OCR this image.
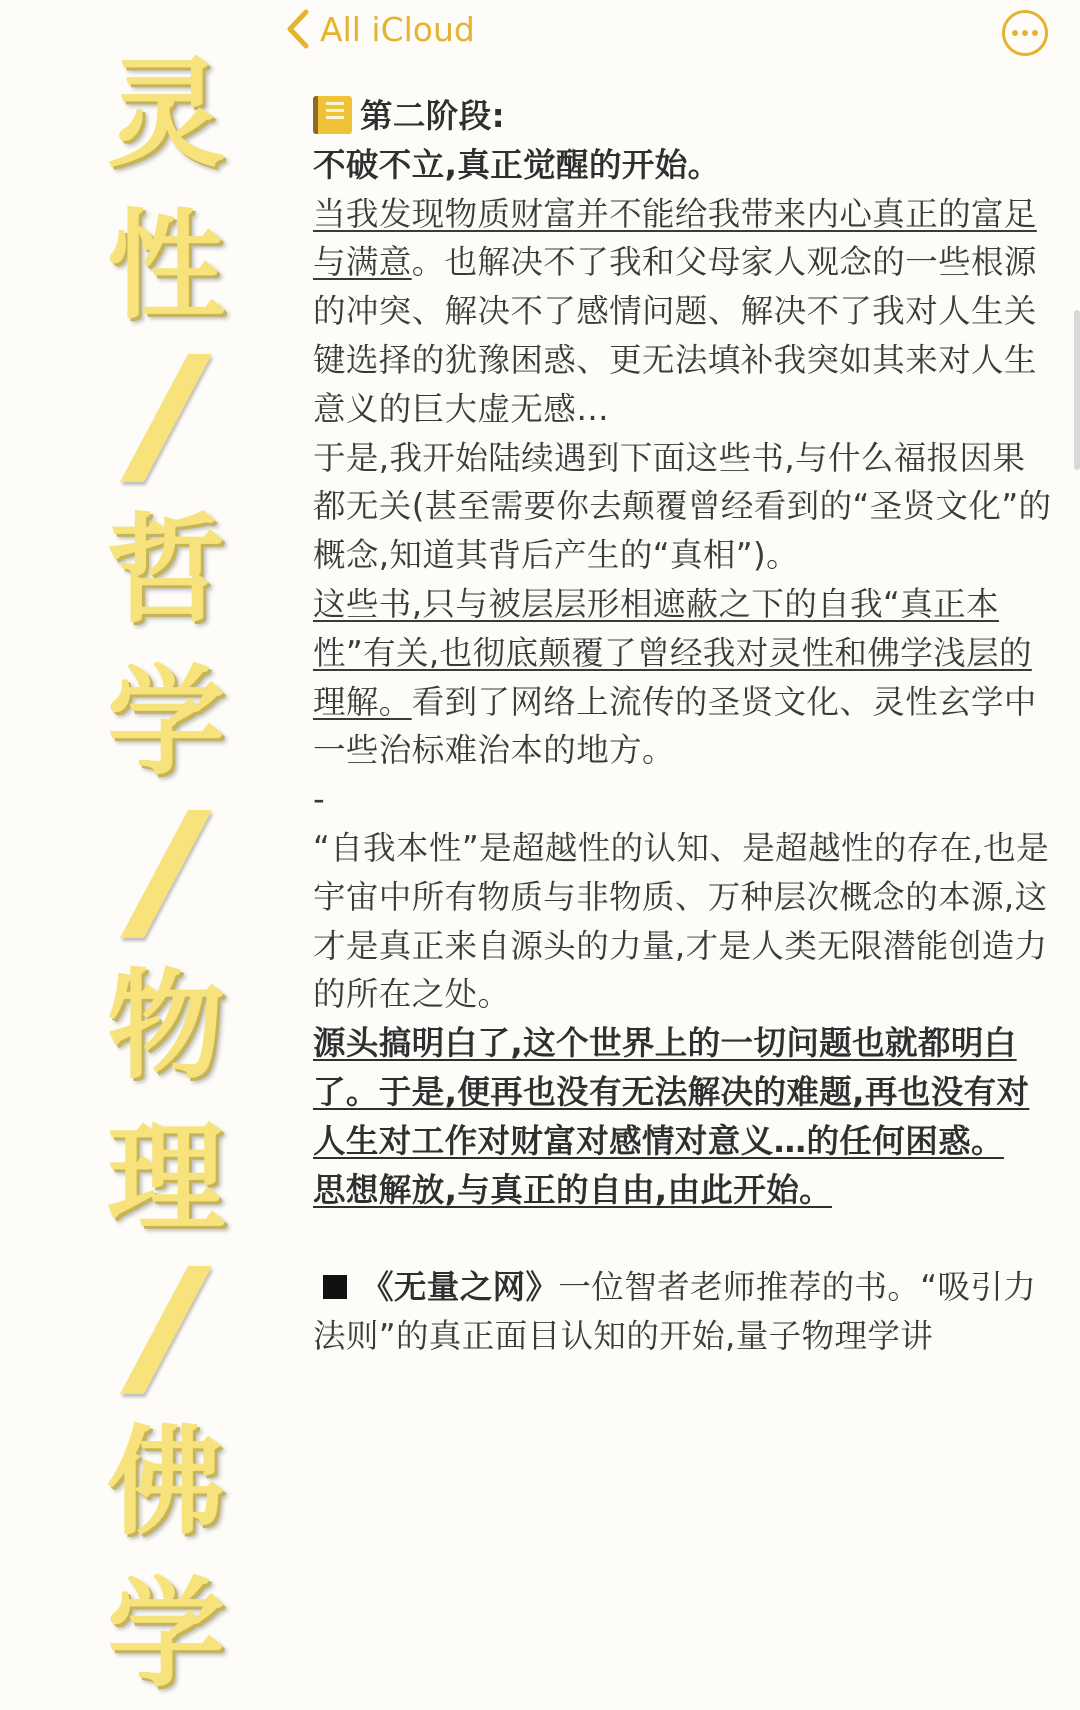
灵
性
哲
学
物
理
佛
学
All iCloud

第二阶段:

不破不立,真正觉醒的开始。

当我发现物质财富并不能给我带来内心真正的富足与满意。也解决不了我和父母家人观念的一些根源的冲突、解决不了感情问题、解决不了我对人生关键选择的犹豫困惑、更无法填补我突如其来对人生意义的巨大虚无感…

于是,我开始陆续遇到下面这些书,与什么福报因果都无关(甚至需要你去颠覆曾经看到的“圣贤文化”的概念,知道其背后产生的“真相”)。

这些书,只与被层层形相遮蔽之下的自我“真正本性”有关,也彻底颠覆了曾经我对灵性和佛学浅层的理解。看到了网络上流传的圣贤文化、灵性玄学中一些治标难治本的地方。

-

“自我本性”是超越性的认知、是超越性的存在,也是宇宙中所有物质与非物质、万种层次概念的本源,这才是真正来自源头的力量,才是人类无限潜能创造力的所在之处。

源头搞明白了,这个世界上的一切问题也就都明白了。于是,便再也没有无法解决的难题,再也没有对人生对工作对财富对感情对意义…的任何困惑。

思想解放,与真正的自由,由此开始。

《无量之网》一位智者老师推荐的书。“吸引力法则”的真正面目认知的开始,量子物理学讲
